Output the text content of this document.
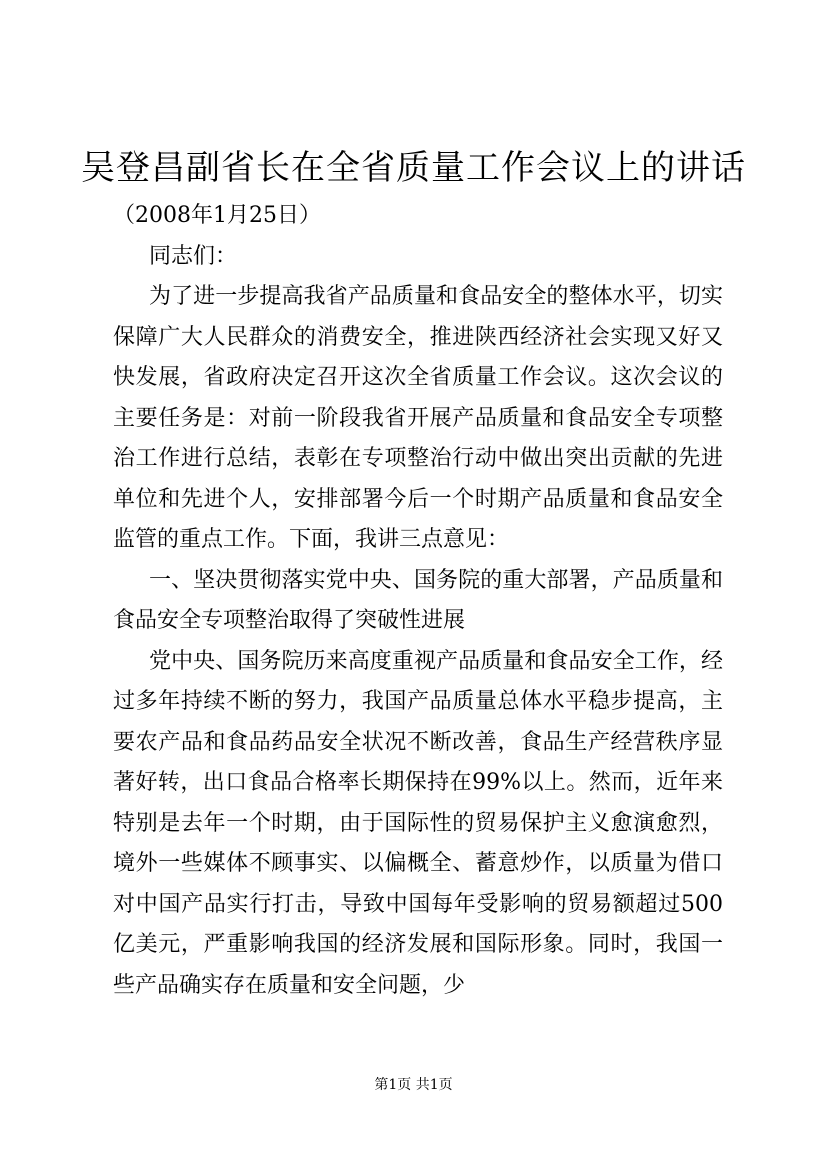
吴登昌副省长在全省质量工作会议上的讲话

（2008年1月25日）

同志们：

为了进一步提高我省产品质量和食品安全的整体水平，切实保障广大人民群众的消费安全，推进陕西经济社会实现又好又快发展，省政府决定召开这次全省质量工作会议。这次会议的主要任务是：对前一阶段我省开展产品质量和食品安全专项整治工作进行总结，表彰在专项整治行动中做出突出贡献的先进单位和先进个人，安排部署今后一个时期产品质量和食品安全监管的重点工作。下面，我讲三点意见：

一、坚决贯彻落实党中央、国务院的重大部署，产品质量和食品安全专项整治取得了突破性进展

党中央、国务院历来高度重视产品质量和食品安全工作，经过多年持续不断的努力，我国产品质量总体水平稳步提高，主要农产品和食品药品安全状况不断改善，食品生产经营秩序显著好转，出口食品合格率长期保持在99%以上。然而，近年来特别是去年一个时期，由于国际性的贸易保护主义愈演愈烈，境外一些媒体不顾事实、以偏概全、蓄意炒作，以质量为借口对中国产品实行打击，导致中国每年受影响的贸易额超过500亿美元，严重影响我国的经济发展和国际形象。同时，我国一些产品确实存在质量和安全问题，少

第1页 共1页
